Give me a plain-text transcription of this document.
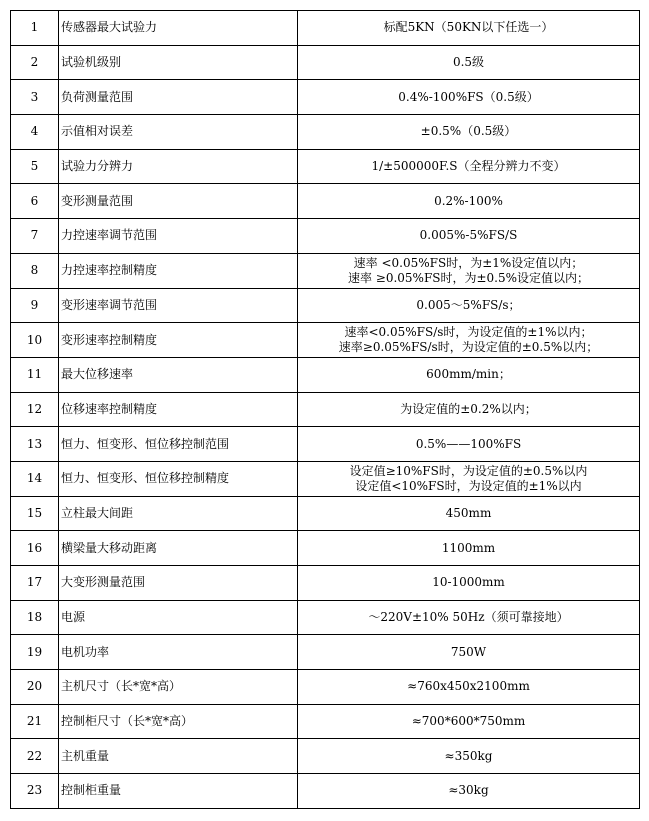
1	传感器最大试验力	标配5KN（50KN以下任选一）

2	试验机级别	0.5级

3	负荷测量范围	0.4%-100%FS（0.5级）

4	示值相对误差	±0.5%（0.5级）

5	试验力分辨力	1/±500000F.S（全程分辨力不变）

6	变形测量范围	0.2%-100%

7	力控速率调节范围	0.005%-5%FS/S

8	力控速率控制精度	速率 <0.05%FS时，为±1%设定值以内；
速率 ≥0.05%FS时，为±0.5%设定值以内；

9	变形速率调节范围	0.005～5%FS/s；

10	变形速率控制精度	速率<0.05%FS/s时，为设定值的±1%以内；
速率≥0.05%FS/s时，为设定值的±0.5%以内；

11	最大位移速率	600mm/min；

12	位移速率控制精度	为设定值的±0.2%以内；

13	恒力、恒变形、恒位移控制范围	0.5%——100%FS

14	恒力、恒变形、恒位移控制精度	设定值≥10%FS时，为设定值的±0.5%以内
设定值<10%FS时，为设定值的±1%以内

15	立柱最大间距	450mm

16	横梁量大移动距离	1100mm

17	大变形测量范围	10-1000mm

18	电源	～220V±10% 50Hz（须可靠接地）

19	电机功率	750W

20	主机尺寸（长*宽*高）	≈760x450x2100mm

21	控制柜尺寸（长*宽*高）	≈700*600*750mm

22	主机重量	≈350kg

23	控制柜重量	≈30kg
